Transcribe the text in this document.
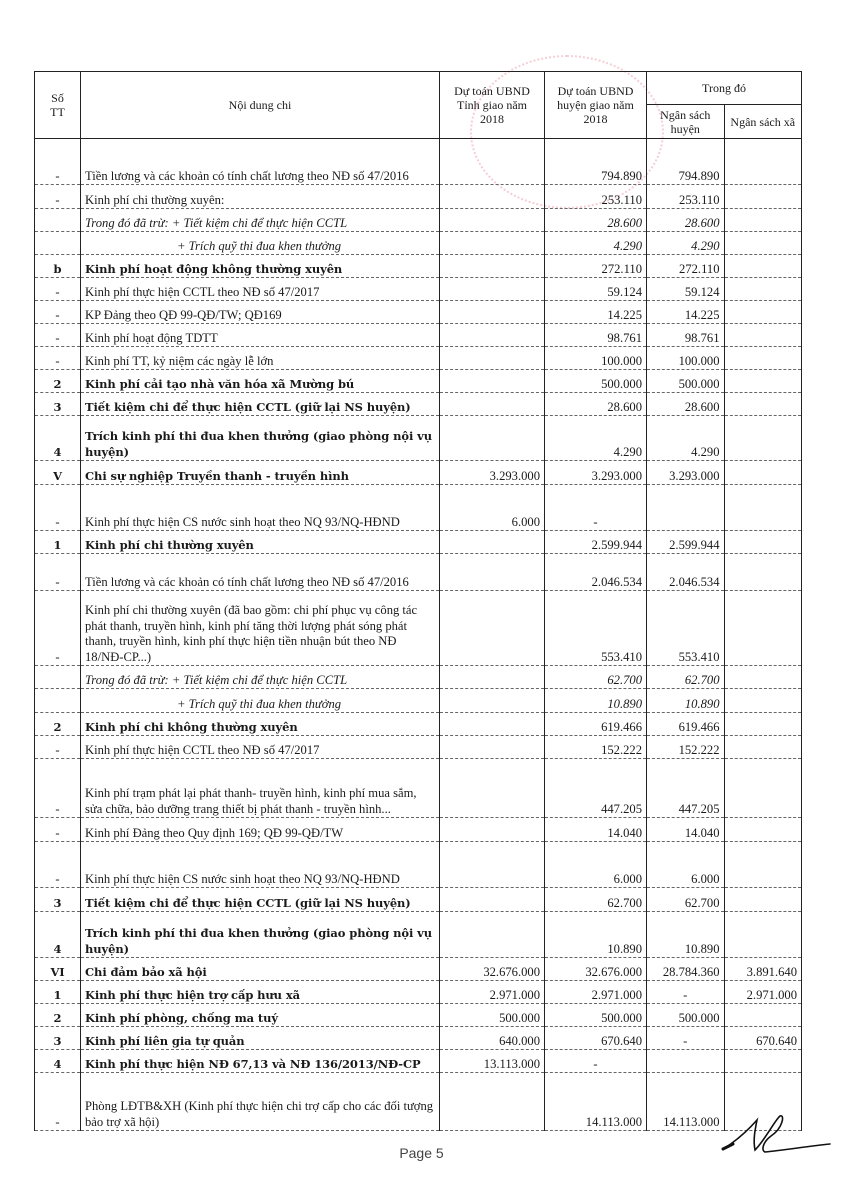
Số TT	Nội dung chi	Dự toán UBND Tỉnh giao năm 2018	Dự toán UBND huyện giao năm 2018	Trong đó	
				Ngân sách huyện	Ngân sách xã
-	Tiền lương và các khoản có tính chất lương theo NĐ số 47/2016		794.890	794.890	
-	Kinh phí chi thường xuyên:		253.110	253.110	
	Trong đó đã trừ: + Tiết kiệm chi để thực hiện CCTL		28.600	28.600	
	+ Trích quỹ thi đua khen thưởng		4.290	4.290	
b	Kinh phí hoạt động không thường xuyên		272.110	272.110	
-	Kinh phí thực hiện CCTL theo NĐ số 47/2017		59.124	59.124	
-	KP Đảng theo QĐ 99-QĐ/TW; QĐ169		14.225	14.225	
-	Kinh phí hoạt động TDTT		98.761	98.761	
-	Kinh phí TT, kỷ niệm các ngày lễ lớn		100.000	100.000	
2	Kinh phí cải tạo nhà văn hóa xã Mường bú		500.000	500.000	
3	Tiết kiệm chi để thực hiện CCTL (giữ lại NS huyện)		28.600	28.600	
4	Trích kinh phí thi đua khen thưởng (giao phòng nội vụ huyện)		4.290	4.290	
V	Chi sự nghiệp Truyền thanh - truyền hình	3.293.000	3.293.000	3.293.000	
-	Kinh phí thực hiện CS nước sinh hoạt theo NQ 93/NQ-HĐND	6.000	-		
1	Kinh phí chi thường xuyên		2.599.944	2.599.944	
-	Tiền lương và các khoản có tính chất lương theo NĐ số 47/2016		2.046.534	2.046.534	
-	Kinh phí chi thường xuyên (đã bao gồm: chi phí phục vụ công tác phát thanh, truyền hình, kinh phí tăng thời lượng phát sóng phát thanh, truyền hình, kinh phí thực hiện tiền nhuận bút theo NĐ 18/NĐ-CP...)		553.410	553.410	
	Trong đó đã trừ: + Tiết kiệm chi để thực hiện CCTL		62.700	62.700	
	+ Trích quỹ thi đua khen thưởng		10.890	10.890	
2	Kinh phí chi không thường xuyên		619.466	619.466	
-	Kinh phí thực hiện CCTL theo NĐ số 47/2017		152.222	152.222	
-	Kinh phí trạm phát lại phát thanh- truyền hình, kinh phí mua sắm, sửa chữa, bảo dưỡng trang thiết bị phát thanh - truyền hình...		447.205	447.205	
-	Kinh phí Đảng theo Quy định 169; QĐ 99-QĐ/TW		14.040	14.040	
-	Kinh phí thực hiện CS nước sinh hoạt theo NQ 93/NQ-HĐND		6.000	6.000	
3	Tiết kiệm chi để thực hiện CCTL (giữ lại NS huyện)		62.700	62.700	
4	Trích kinh phí thi đua khen thưởng (giao phòng nội vụ huyện)		10.890	10.890	
VI	Chi đảm bảo xã hội	32.676.000	32.676.000	28.784.360	3.891.640
1	Kinh phí thực hiện trợ cấp hưu xã	2.971.000	2.971.000	-	2.971.000
2	Kinh phí phòng, chống ma tuý	500.000	500.000	500.000	
3	Kinh phí liên gia tự quản	640.000	670.640	-	670.640
4	Kinh phí thực hiện NĐ 67,13 và NĐ 136/2013/NĐ-CP	13.113.000	-		
-	Phòng LĐTB&XH (Kinh phí thực hiện chi trợ cấp cho các đối tượng bảo trợ xã hội)		14.113.000	14.113.000	
Page 5
